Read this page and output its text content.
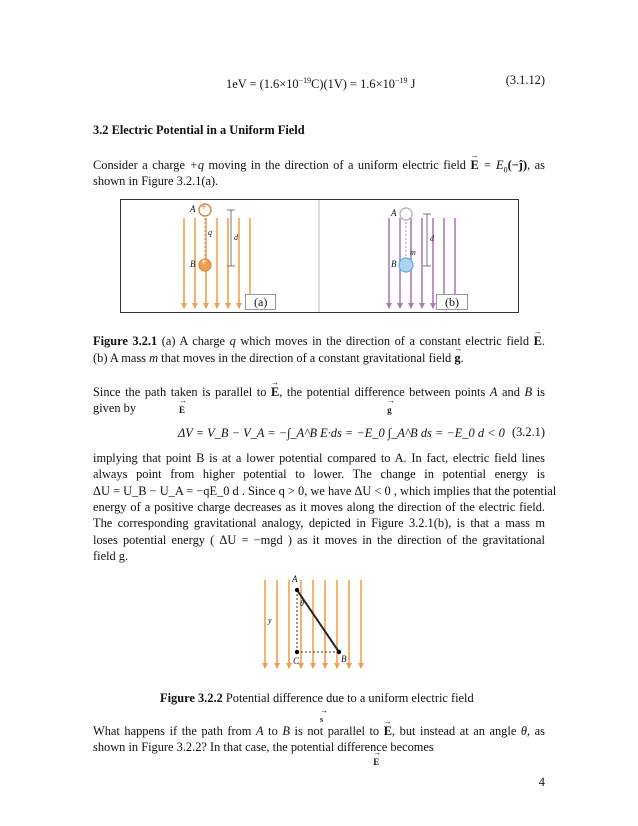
$1eV = (1.6\times 10^{-19}C)(1V) = 1.6\times 10^{-19}$ J	(3.1.12)
3.2 Electric Potential in a Uniform Field
Consider a charge +q moving in the direction of a uniform electric field → $E = E_0(-ĵ)$, as
shown in Figure 3.2.1(a).

A +
q
d
B +
→ E
A
d
m
B
→ g
(a)	(b)
Figure 3.2.1 (a) A charge q which moves in the direction of a constant electric field → E.
(b) A mass m that moves in the direction of a constant gravitational field → g.
Since the path taken is parallel to → E, the potential difference between points A and B is
given by
ΔV = V_B − V_A = −∫_A^B E·ds = −E_0 ∫_A^B ds = −E_0 d < 0 (3.2.1)
implying that point B is at a lower potential compared to A. In fact, electric field lines
always point from higher potential to lower. The change in potential energy is
ΔU = U_B − U_A = −qE_0 d . Since q > 0, we have ΔU < 0 , which implies that the potential
energy of a positive charge decreases as it moves along the direction of the electric field.
The corresponding gravitational analogy, depicted in Figure 3.2.1(b), is that a mass m
loses potential energy ( ΔU = −mgd ) as it moves in the direction of the gravitational
field g.

A
θ
→ s
y
C	B
→ E
Figure 3.2.2 Potential difference due to a uniform electric field
What happens if the path from A to B is not parallel to → E, but instead at an angle θ, as
shown in Figure 3.2.2? In that case, the potential difference becomes
4
